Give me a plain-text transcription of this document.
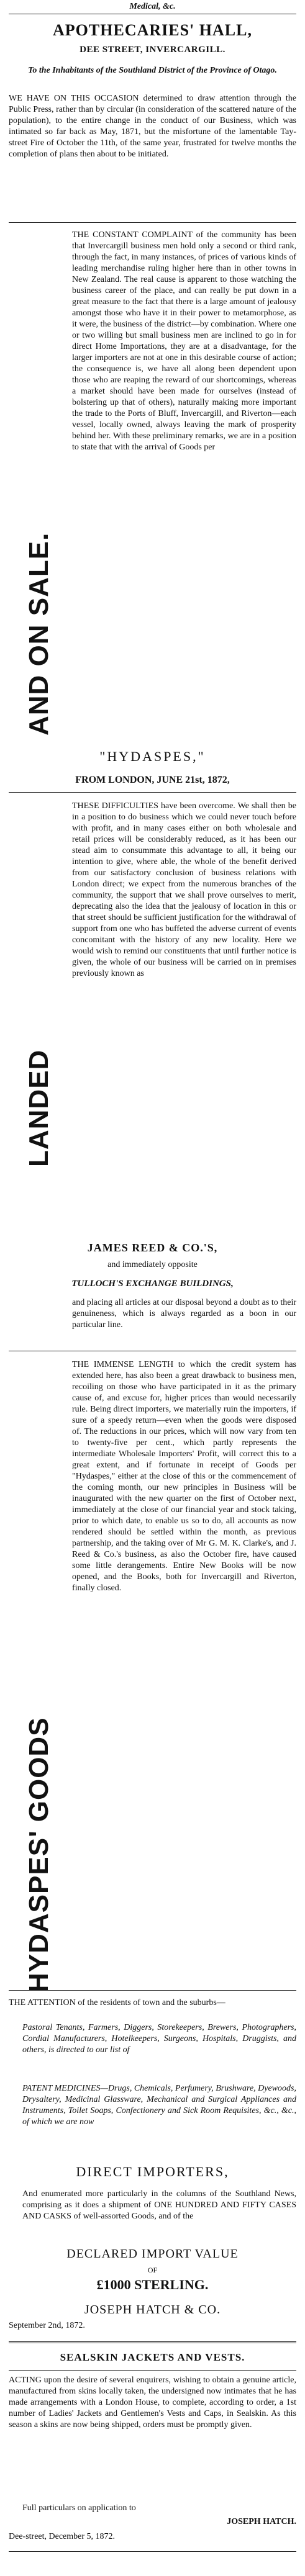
Medical, &c.
APOTHECARIES' HALL,
DEE STREET, INVERCARGILL.
To the Inhabitants of the Southland District of the Province of Otago.
WE HAVE ON THIS OCCASION determined to draw attention through the Public Press, rather than by circular (in consideration of the scattered nature of the population), to the entire change in the conduct of our Business, which was intimated so far back as May, 1871, but the misfortune of the lamentable Tay-street Fire of October the 11th, of the same year, frustrated for twelve months the completion of plans then about to be initiated.
AND ON SALE.
THE CONSTANT COMPLAINT of the community has been that Invercargill business men hold only a second or third rank, through the fact, in many instances, of prices of various kinds of leading merchandise ruling higher here than in other towns in New Zealand. The real cause is apparent to those watching the business career of the place, and can really be put down in a great measure to the fact that there is a large amount of jealousy amongst those who have it in their power to metamorphose, as it were, the business of the district—by combination. Where one or two willing but small business men are inclined to go in for direct Home Importations, they are at a disadvantage, for the larger importers are not at one in this desirable course of action; the consequence is, we have all along been dependent upon those who are reaping the reward of our shortcomings, whereas a market should have been made for ourselves (instead of bolstering up that of others), naturally making more important the trade to the Ports of Bluff, Invercargill, and Riverton—each vessel, locally owned, always leaving the mark of prosperity behind her. With these preliminary remarks, we are in a position to state that with the arrival of Goods per
"HYDASPES,"
FROM LONDON, JUNE 21st, 1872,
LANDED
THESE DIFFICULTIES have been overcome. We shall then be in a position to do business which we could never touch before with profit, and in many cases either on both wholesale and retail prices will be considerably reduced, as it has been our stead aim to consummate this advantage to all, it being our intention to give, where able, the whole of the benefit derived from our satisfactory conclusion of business relations with London direct; we expect from the numerous branches of the community, the support that we shall prove ourselves to merit, deprecating also the idea that the jealousy of location in this or that street should be sufficient justification for the withdrawal of support from one who has buffeted the adverse current of events concomitant with the history of any new locality. Here we would wish to remind our constituents that until further notice is given, the whole of our business will be carried on in premises previously known as
JAMES REED & CO.'S,
and immediately opposite
TULLOCH'S EXCHANGE BUILDINGS,
and placing all articles at our disposal beyond a doubt as to their genuineness, which is always regarded as a boon in our particular line.
HYDASPES' GOODS
THE IMMENSE LENGTH to which the credit system has extended here, has also been a great drawback to business men, recoiling on those who have participated in it as the primary cause of, and excuse for, higher prices than would necessarily rule. Being direct importers, we materially ruin the importers, if sure of a speedy return—even when the goods were disposed of. The reductions in our prices, which will now vary from ten to twenty-five per cent., which partly represents the intermediate Wholesale Importers' Profit, will correct this to a great extent, and if fortunate in receipt of Goods per "Hydaspes," either at the close of this or the commencement of the coming month, our new principles in Business will be inaugurated with the new quarter on the first of October next, immediately at the close of our financial year and stock taking, prior to which date, to enable us so to do, all accounts as now rendered should be settled within the month, as previous partnership, and the taking over of Mr G. M. K. Clarke's, and J. Reed & Co.'s business, as also the October fire, have caused some little derangements. Entire New Books will be now opened, and the Books, both for Invercargill and Riverton, finally closed.
THE ATTENTION of the residents of town and the suburbs—
Pastoral Tenants, Farmers, Diggers, Storekeepers, Brewers, Photographers, Cordial Manufacturers, Hotelkeepers, Surgeons, Hospitals, Druggists, and others, is directed to our list of
PATENT MEDICINES—Drugs, Chemicals, Perfumery, Brushware, Dyewoods, Drysaltery, Medicinal Glassware, Mechanical and Surgical Appliances and Instruments, Toilet Soaps, Confectionery and Sick Room Requisites, &c., &c., of which we are now
DIRECT IMPORTERS,
And enumerated more particularly in the columns of the Southland News, comprising as it does a shipment of ONE HUNDRED AND FIFTY CASES AND CASKS of well-assorted Goods, and of the
DECLARED IMPORT VALUE
OF
£1000 STERLING.
JOSEPH HATCH & CO.
September 2nd, 1872.
SEALSKIN JACKETS AND VESTS.
ACTING upon the desire of several enquirers, wishing to obtain a genuine article, manufactured from skins locally taken, the undersigned now intimates that he has made arrangements with a London House, to complete, according to order, a 1st number of Ladies' Jackets and Gentlemen's Vests and Caps, in Sealskin. As this season a skins are now being shipped, orders must be promptly given.
Full particulars on application to
JOSEPH HATCH.
Dee-street, December 5, 1872.
